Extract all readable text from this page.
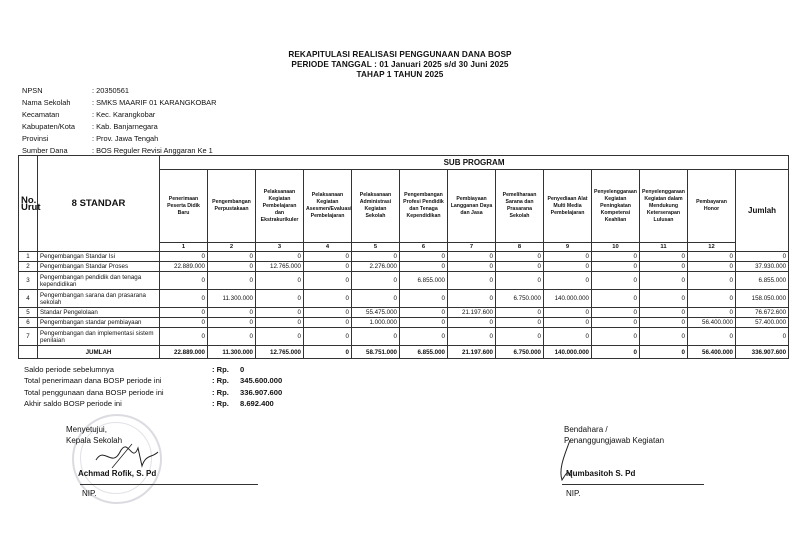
REKAPITULASI REALISASI PENGGUNAAN DANA BOSP
PERIODE TANGGAL : 01 Januari 2025 s/d 30 Juni 2025
TAHAP 1 TAHUN 2025
NPSN	: 20350561
Nama Sekolah	: SMKS MAARIF 01 KARANGKOBAR
Kecamatan	: Kec. Karangkobar
Kabupaten/Kota	: Kab. Banjarnegara
Provinsi	: Prov. Jawa Tengah
Sumber Dana	: BOS Reguler Revisi Anggaran Ke 1
No. Urut	8 STANDAR	SUB PROGRAM												
		Penerimaan Peserta Didik Baru	Pengembangan Perpustakaan	Pelaksanaan Kegiatan Pembelajaran dan Ekstrakurikuler	Pelaksanaan Kegiatan Asesmen/Evaluasi Pembelajaran	Pelaksanaan Administrasi Kegiatan Sekolah	Pengembangan Profesi Pendidik dan Tenaga Kependidikan	Pembiayaan Langganan Daya dan Jasa	Pemeliharaan Sarana dan Prasarana Sekolah	Penyediaan Alat Multi Media Pembelajaran	Penyelenggaraan Kegiatan Peningkatan Kompetensi Keahlian	Penyelenggaraan Kegiatan dalam Mendukung Keterserapan Lulusan	Pembayaran Honor	Jumlah
		1	2	3	4	5	6	7	8	9	10	11	12	
1	Pengembangan Standar Isi	0	0	0	0	0	0	0	0	0	0	0	0	0
2	Pengembangan Standar Proses	22.889.000	0	12.765.000	0	2.276.000	0	0	0	0	0	0	0	37.930.000
3	Pengembangan pendidik dan tenaga kependidikan	0	0	0	0	0	6.855.000	0	0	0	0	0	0	6.855.000
4	Pengembangan sarana dan prasarana sekolah	0	11.300.000	0	0	0	0	0	6.750.000	140.000.000	0	0	0	158.050.000
5	Standar Pengelolaan	0	0	0	0	55.475.000	0	21.197.600	0	0	0	0	0	76.672.600
6	Pengembangan standar pembiayaan	0	0	0	0	1.000.000	0	0	0	0	0	0	56.400.000	57.400.000
7	Pengembangan dan implementasi sistem penilaian	0	0	0	0	0	0	0	0	0	0	0	0	0
	JUMLAH	22.889.000	11.300.000	12.765.000	0	58.751.000	6.855.000	21.197.600	6.750.000	140.000.000	0	0	56.400.000	336.907.600
Saldo periode sebelumnya	: Rp.	0
Total penerimaan dana BOSP periode ini	: Rp.	345.600.000
Total penggunaan dana BOSP periode ini	: Rp.	336.907.600
Akhir saldo BOSP periode ini	: Rp.	8.692.400
Menyetujui,
Kepala Sekolah
Achmad Rofik, S. Pd
NIP.
Bendahara /
Penanggungjawab Kegiatan
Mumbasitoh S. Pd
NIP.
